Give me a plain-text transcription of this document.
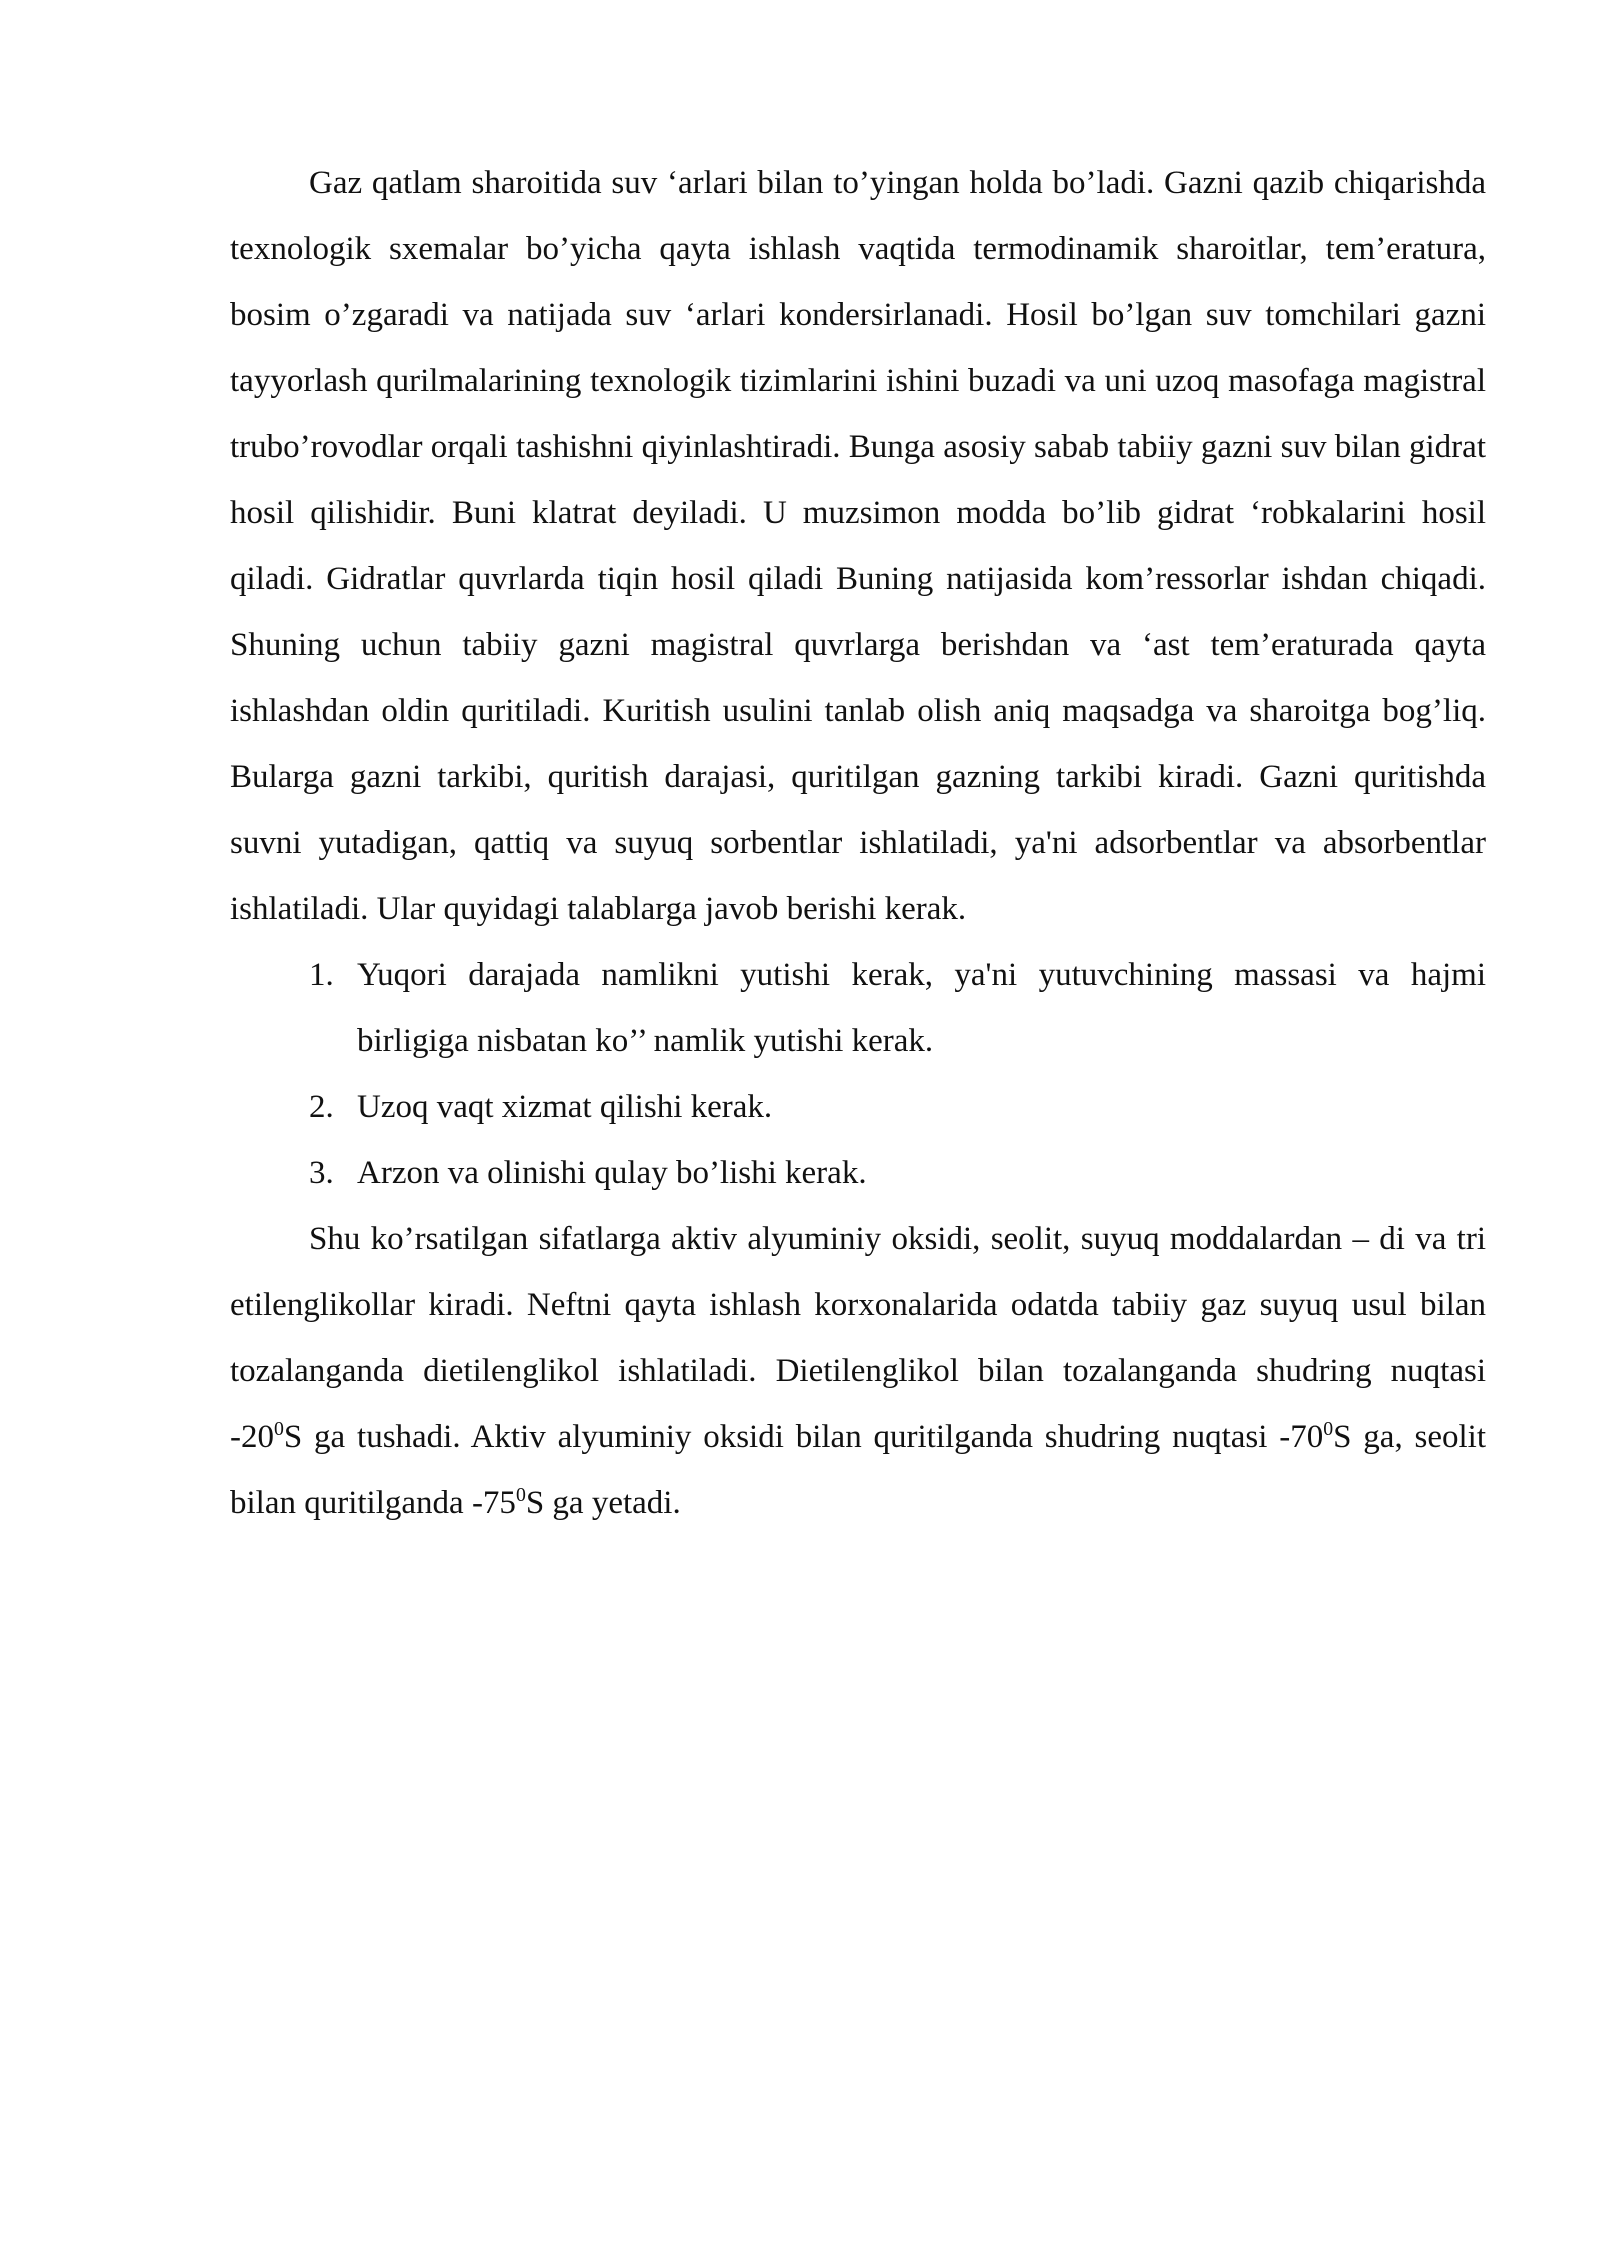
Gaz qatlam sharoitida suv ‘arlari bilan to’yingan holda bo’ladi. Gazni qazib chiqarishda texnologik sxemalar bo’yicha qayta ishlash vaqtida termodinamik sharoitlar, tem’eratura, bosim o’zgaradi va natijada suv ‘arlari kondersirlanadi. Hosil bo’lgan suv tomchilari gazni tayyorlash qurilmalarining texnologik tizimlarini ishini buzadi va uni uzoq masofaga magistral trubo’rovodlar orqali tashishni qiyinlashtiradi. Bunga asosiy sabab tabiiy gazni suv bilan gidrat hosil qilishidir. Buni klatrat deyiladi. U muzsimon modda bo’lib gidrat ‘robkalarini hosil qiladi. Gidratlar quvrlarda tiqin hosil qiladi Buning natijasida kom’ressorlar ishdan chiqadi. Shuning uchun tabiiy gazni magistral quvrlarga berishdan va ‘ast tem’eraturada qayta ishlashdan oldin quritiladi. Kuritish usulini tanlab olish aniq maqsadga va sharoitga bog’liq. Bularga gazni tarkibi, quritish darajasi, quritilgan gazning tarkibi kiradi. Gazni quritishda suvni yutadigan, qattiq va suyuq sorbentlar ishlatiladi, ya'ni adsorbentlar va absorbentlar ishlatiladi. Ular quyidagi talablarga javob berishi kerak.

1. Yuqori darajada namlikni yutishi kerak, ya'ni yutuvchining massasi va hajmi birligiga nisbatan ko’’ namlik yutishi kerak.
2. Uzoq vaqt xizmat qilishi kerak.
3. Arzon va olinishi qulay bo’lishi kerak.

Shu ko’rsatilgan sifatlarga aktiv alyuminiy oksidi, seolit, suyuq moddalardan – di va tri etilenglikollar kiradi. Neftni qayta ishlash korxonalarida odatda tabiiy gaz suyuq usul bilan tozalanganda dietilenglikol ishlatiladi. Dietilenglikol bilan tozalanganda shudring nuqtasi $-20^0S$ ga tushadi. Aktiv alyuminiy oksidi bilan quritilganda shudring nuqtasi $-70^0S$ ga, seolit bilan quritilganda $-75^0S$ ga yetadi.
